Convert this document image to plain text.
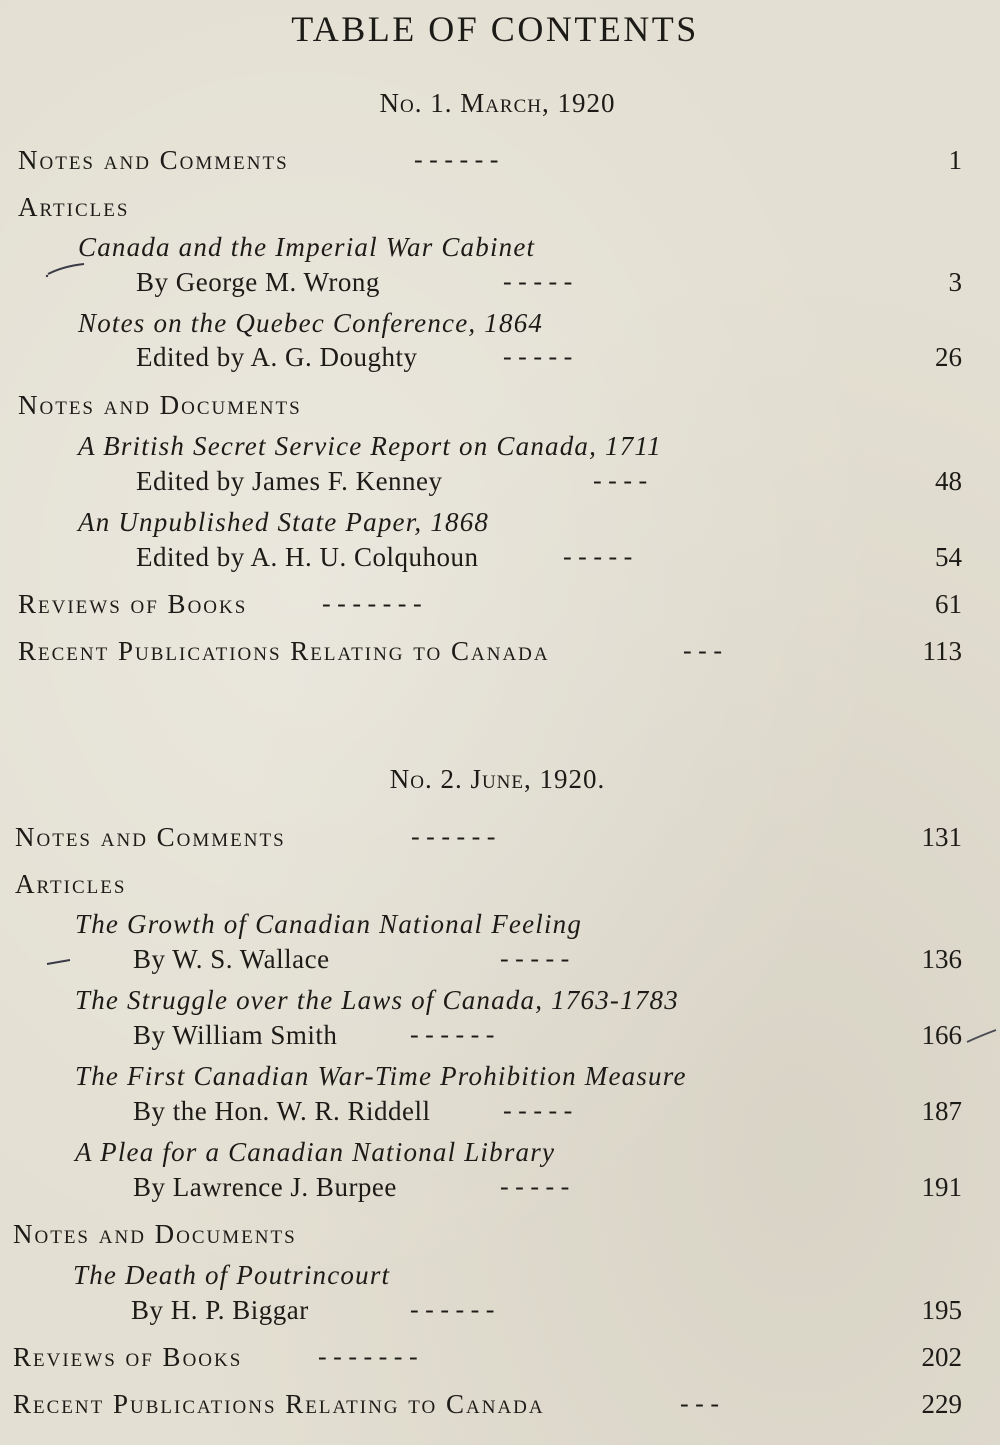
TABLE OF CONTENTS
No. 1. March, 1920
Notes and Comments	- - - - - -	1
Articles
Canada and the Imperial War Cabinet
By George M. Wrong	- - - - -	3
Notes on the Quebec Conference, 1864
Edited by A. G. Doughty	- - - - -	26
Notes and Documents
A British Secret Service Report on Canada, 1711
Edited by James F. Kenney	- - - -	48
An Unpublished State Paper, 1868
Edited by A. H. U. Colquhoun	- - - - -	54
Reviews of Books	- - - - - - -	61
Recent Publications Relating to Canada	- - -	113
No. 2. June, 1920.
Notes and Comments	- - - - - -	131
Articles
The Growth of Canadian National Feeling
By W. S. Wallace	- - - - -	136
The Struggle over the Laws of Canada, 1763-1783
By William Smith	- - - - - -	166
The First Canadian War-Time Prohibition Measure
By the Hon. W. R. Riddell	- - - - -	187
A Plea for a Canadian National Library
By Lawrence J. Burpee	- - - - -	191
Notes and Documents
The Death of Poutrincourt
By H. P. Biggar	- - - - - -	195
Reviews of Books	- - - - - - -	202
Recent Publications Relating to Canada	- - -	229
